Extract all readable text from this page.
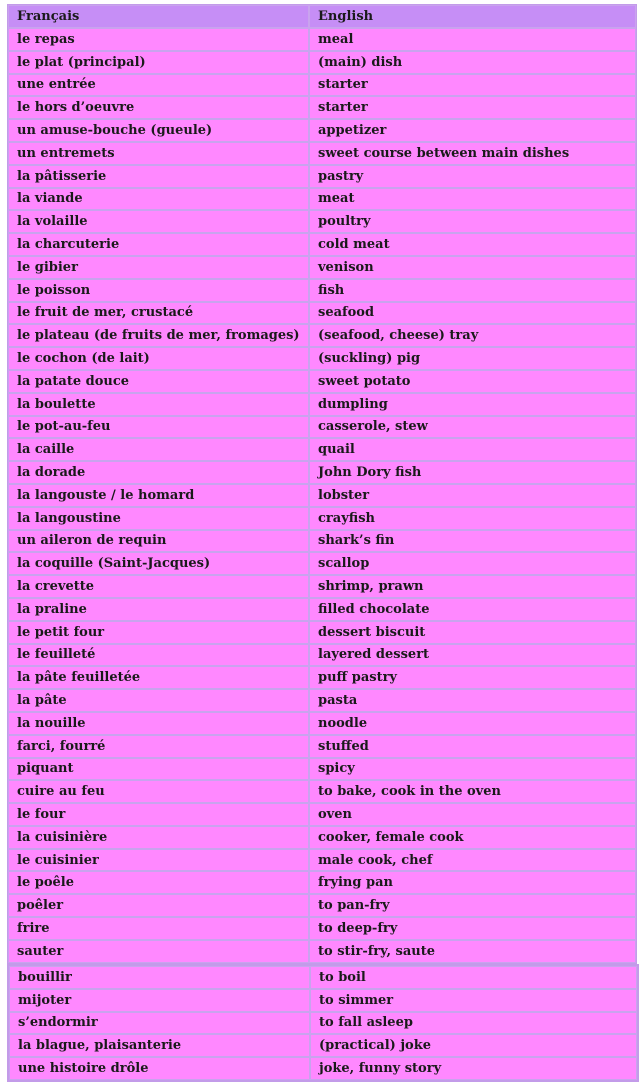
Français	English
le repas	meal
le plat (principal)	(main) dish
une entrée	starter
le hors d’oeuvre	starter
un amuse-bouche (gueule)	appetizer
un entremets	sweet course between main dishes
la pâtisserie	pastry
la viande	meat
la volaille	poultry
la charcuterie	cold meat
le gibier	venison
le poisson	fish
le fruit de mer, crustacé	seafood
le plateau (de fruits de mer, fromages)	(seafood, cheese) tray
le cochon (de lait)	(suckling) pig
la patate douce	sweet potato
la boulette	dumpling
le pot-au-feu	casserole, stew
la caille	quail
la dorade	John Dory fish
la langouste / le homard	lobster
la langoustine	crayfish
un aileron de requin	shark’s fin
la coquille (Saint-Jacques)	scallop
la crevette	shrimp, prawn
la praline	filled chocolate
le petit four	dessert biscuit
le feuilleté	layered dessert
la pâte feuilletée	puff pastry
la pâte	pasta
la nouille	noodle
farci, fourré	stuffed
piquant	spicy
cuire au feu	to bake, cook in the oven
le four	oven
la cuisinière	cooker, female cook
le cuisinier	male cook, chef
le poêle	frying pan
poêler	to pan-fry
frire	to deep-fry
sauter	to stir-fry, saute
bouillir	to boil
mijoter	to simmer
s’endormir	to fall asleep
la blague, plaisanterie	(practical) joke
une histoire drôle	joke, funny story
